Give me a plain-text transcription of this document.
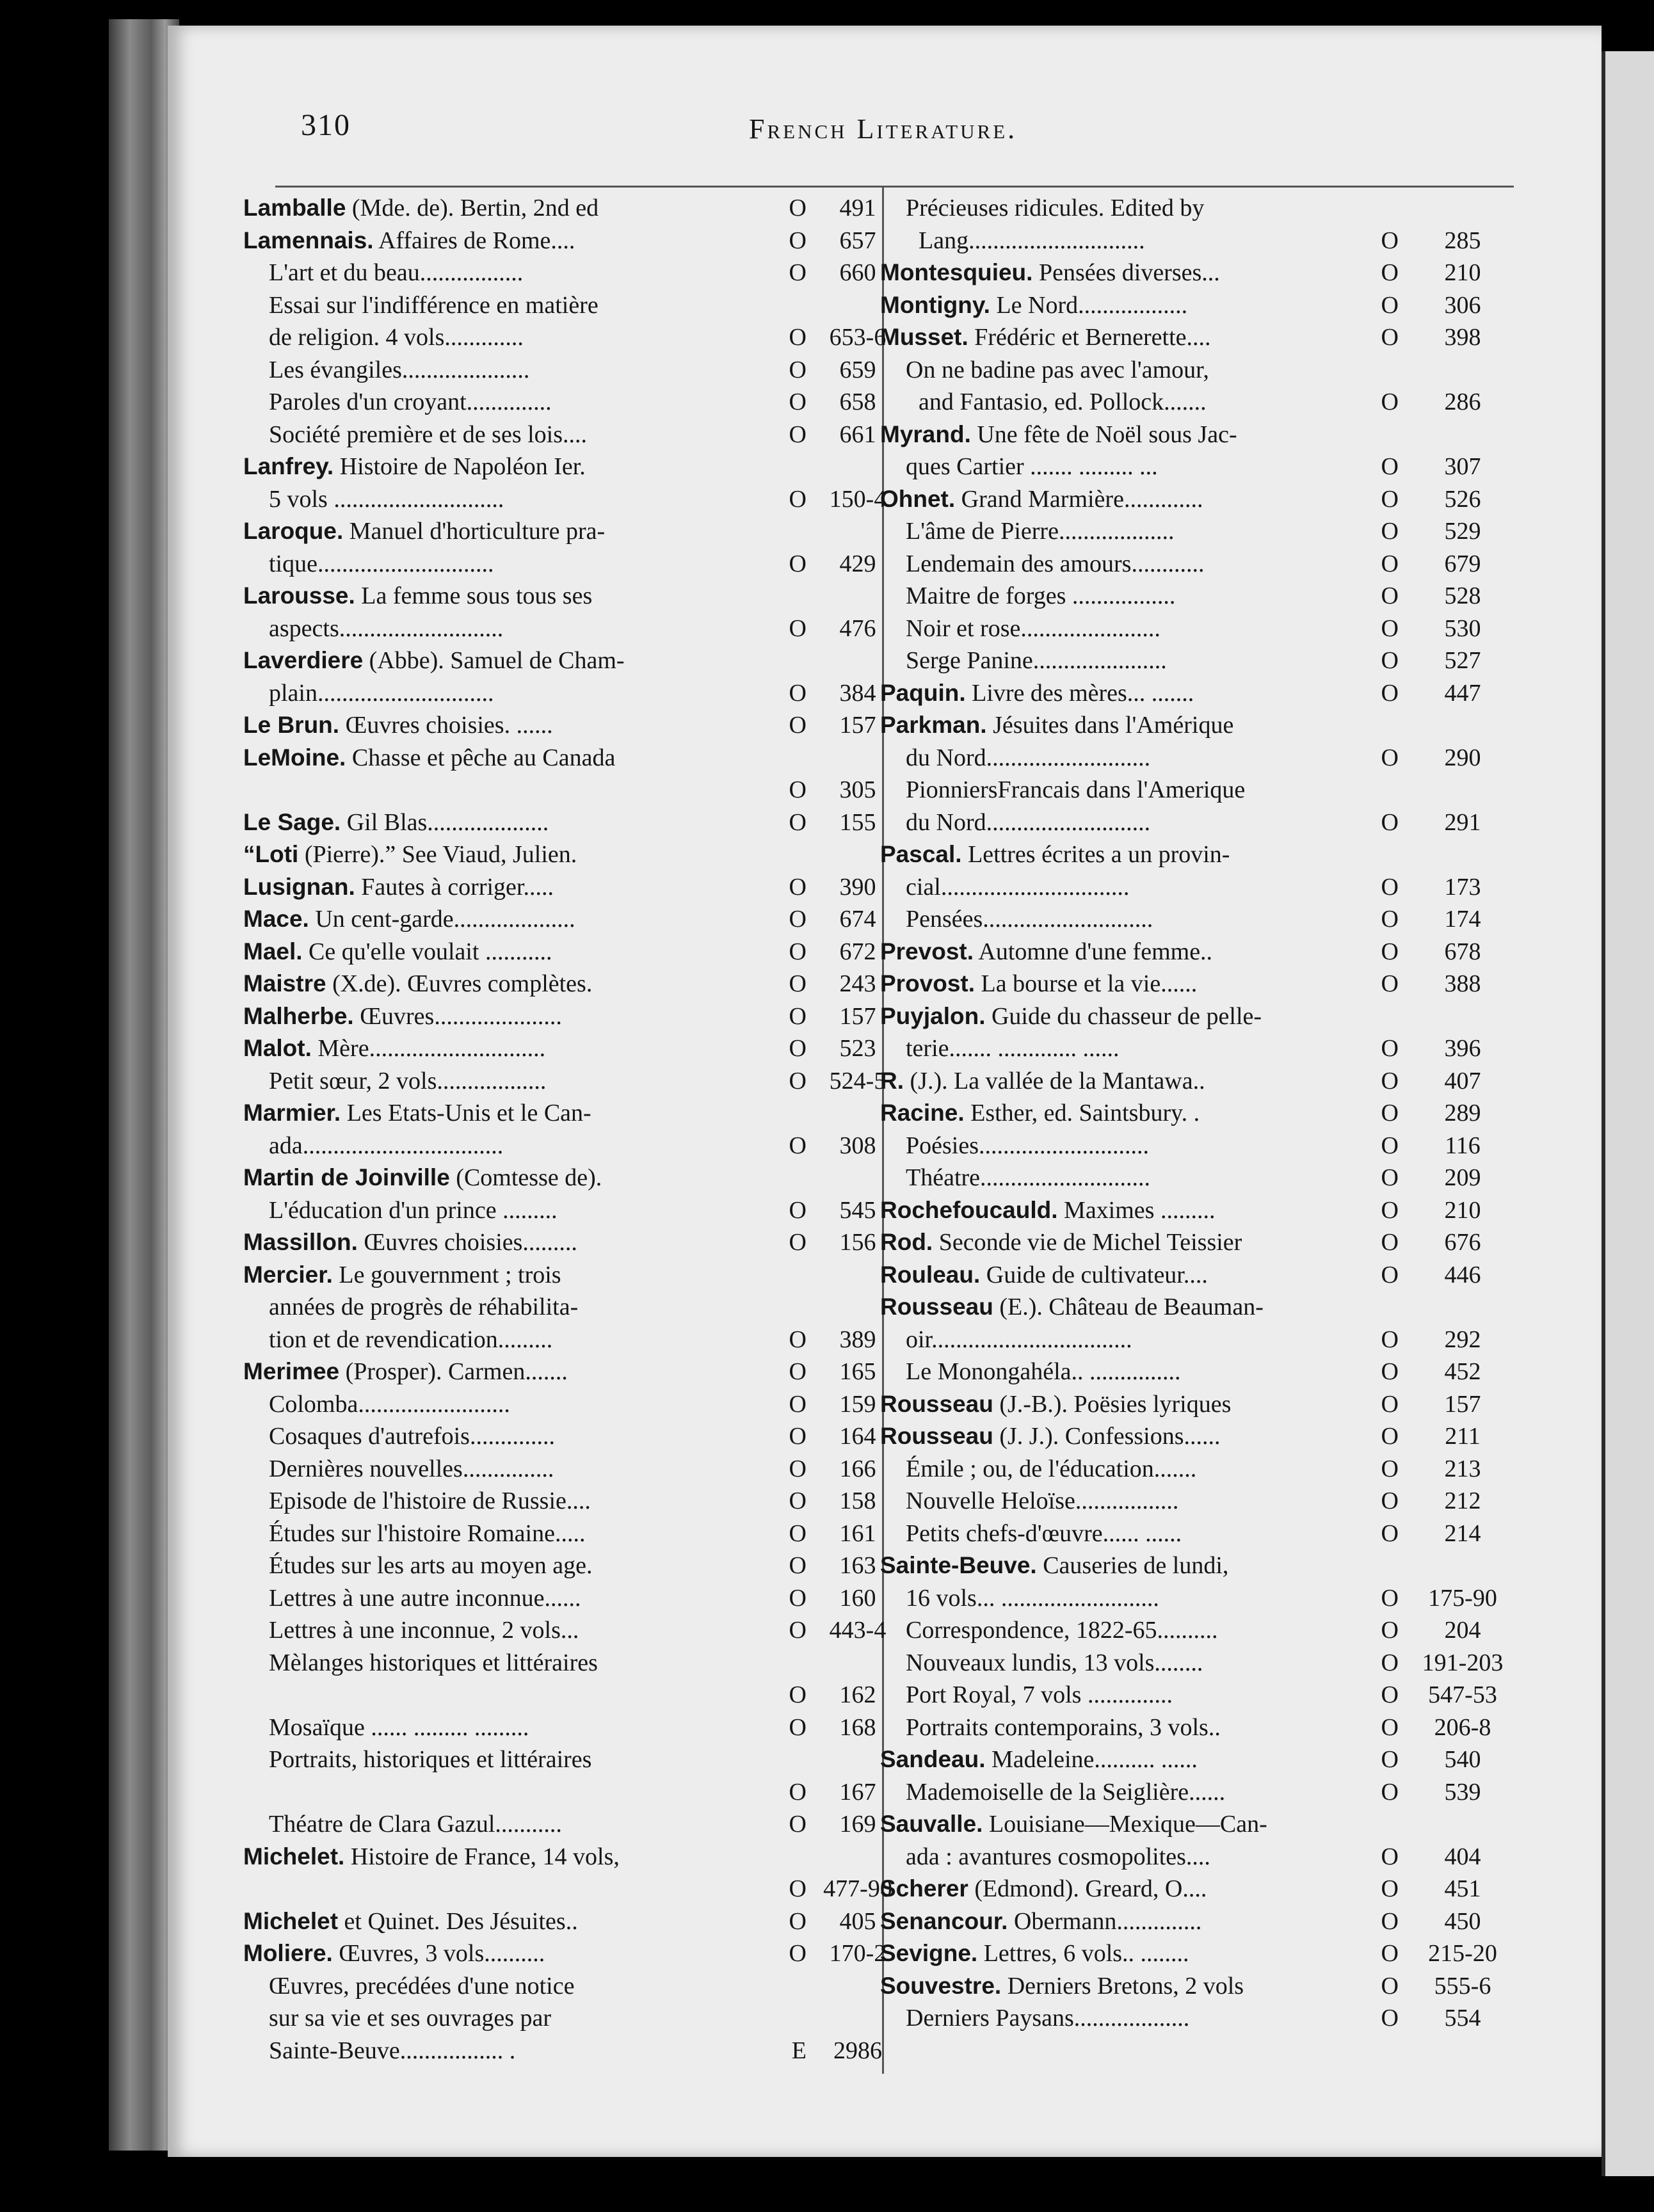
310	French Literature.
Lamballe (Mde. de). Bertin, 2nd ed	O	491
Lamennais. Affaires de Rome....	O	657
L'art et du beau.................	O	660
Essai sur l'indifférence en matière
de religion. 4 vols.............	O 653-6
Les évangiles.....................	O	659
Paroles d'un croyant..............	O	658
Société première et de ses lois....	O	661
Lanfrey. Histoire de Napoléon Ier.
5 vols ............................	O 150-4
Laroque. Manuel d'horticulture pra-
tique.............................	O	429
Larousse. La femme sous tous ses
aspects...........................	O	476
Laverdiere (Abbe). Samuel de Cham-
plain.............................	O	384
Le Brun. Œuvres choisies. ......	O	157
LeMoine. Chasse et pêche au Canada
O	305
Le Sage. Gil Blas....................	O	155
“Loti (Pierre).” See Viaud, Julien.
Lusignan. Fautes à corriger.....	O	390
Mace. Un cent-garde....................	O	674
Mael. Ce qu'elle voulait ...........	O	672
Maistre (X.de). Œuvres complètes.	O	243
Malherbe. Œuvres.....................	O	157
Malot. Mère.............................	O	523
Petit sœur, 2 vols..................	O 524-5
Marmier. Les Etats-Unis et le Can-
ada.................................	O	308
Martin de Joinville (Comtesse de).
L'éducation d'un prince .........	O	545
Massillon. Œuvres choisies.........	O	156
Mercier. Le gouvernment ; trois
années de progrès de réhabilita-
tion et de revendication.........	O	389
Merimee (Prosper). Carmen.......	O	165
Colomba.........................	O	159
Cosaques d'autrefois..............	O	164
Dernières nouvelles...............	O	166
Episode de l'histoire de Russie....	O	158
Études sur l'histoire Romaine.....	O	161
Études sur les arts au moyen age.	O	163
Lettres à une autre inconnue......	O	160
Lettres à une inconnue, 2 vols...	O 443-4
Mèlanges historiques et littéraires
O	162
Mosaïque ...... ......... .........	O	168
Portraits, historiques et littéraires
O	167
Théatre de Clara Gazul...........	O	169
Michelet. Histoire de France, 14 vols,
O 477-90
Michelet et Quinet. Des Jésuites..	O	405
Moliere. Œuvres, 3 vols..........	O 170-2
Œuvres, precédées d'une notice
sur sa vie et ses ouvrages par
Sainte-Beuve................. .	E	2986
Précieuses ridicules. Edited by
Lang.............................	O	285
Montesquieu. Pensées diverses...	O	210
Montigny. Le Nord..................	O	306
Musset. Frédéric et Bernerette....	O	398
On ne badine pas avec l'amour,
and Fantasio, ed. Pollock.......	O	286
Myrand. Une fête de Noël sous Jac-
ques Cartier ....... ......... ...	O	307
Ohnet. Grand Marmière.............	O	526
L'âme de Pierre...................	O	529
Lendemain des amours............	O	679
Maitre de forges .................	O	528
Noir et rose.......................	O	530
Serge Panine......................	O	527
Paquin. Livre des mères... .......	O	447
Parkman. Jésuites dans l'Amérique
du Nord...........................	O	290
PionniersFrancais dans l'Amerique
du Nord...........................	O	291
Pascal. Lettres écrites a un provin-
cial...............................	O	173
Pensées............................	O	174
Prevost. Automne d'une femme..	O	678
Provost. La bourse et la vie......	O	388
Puyjalon. Guide du chasseur de pelle-
terie....... ............. ......	O	396
R. (J.). La vallée de la Mantawa..	O	407
Racine. Esther, ed. Saintsbury. .	O	289
Poésies............................	O	116
Théatre............................	O	209
Rochefoucauld. Maximes .........	O	210
Rod. Seconde vie de Michel Teissier	O	676
Rouleau. Guide de cultivateur....	O	446
Rousseau (E.). Château de Beauman-
oir.................................	O	292
Le Monongahéla.. ...............	O	452
Rousseau (J.-B.). Poësies lyriques	O	157
Rousseau (J. J.). Confessions......	O	211
Émile ; ou, de l'éducation.......	O	213
Nouvelle Heloïse.................	O	212
Petits chefs-d'œuvre...... ......	O	214
Sainte-Beuve. Causeries de lundi,
16 vols... ..........................	O	175-90
Correspondence, 1822-65..........	O	204
Nouveaux lundis, 13 vols........	O 191-203
Port Royal, 7 vols ..............	O	547-53
Portraits contemporains, 3 vols..	O	206-8
Sandeau. Madeleine.......... ......	O	540
Mademoiselle de la Seiglière......	O	539
Sauvalle. Louisiane—Mexique—Can-
ada : avantures cosmopolites....	O	404
Scherer (Edmond). Greard, O....	O	451
Senancour. Obermann..............	O	450
Sevigne. Lettres, 6 vols.. ........	O	215-20
Souvestre. Derniers Bretons, 2 vols	O	555-6
Derniers Paysans...................	O	554
